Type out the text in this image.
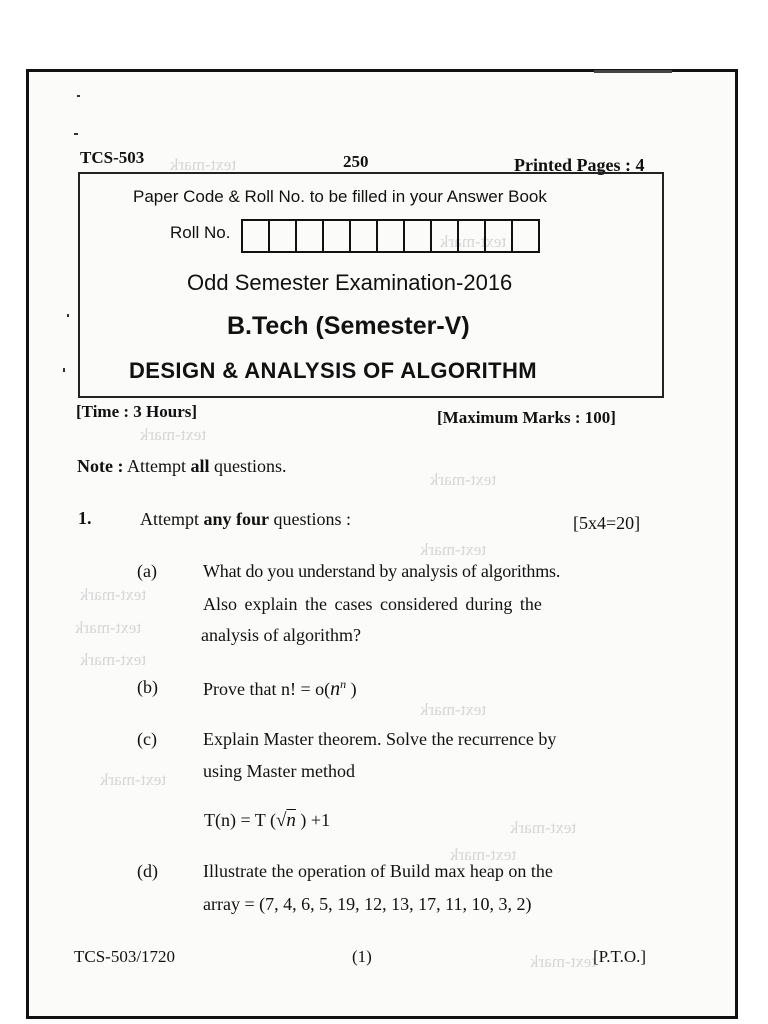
text-mark
text-mark
text-mark
text-mark
text-mark
text-mark
text-mark
text-mark
text-mark
text-mark
text-mark
text-mark
text-mark
TCS-503	250	Printed Pages : 4
Paper Code & Roll No. to be filled in your Answer Book
Roll No.
Odd Semester Examination-2016
B.Tech (Semester-V)
DESIGN & ANALYSIS OF ALGORITHM
[Time : 3 Hours]	[Maximum Marks : 100]
Note : Attempt all questions.
1.	Attempt any four questions :	[5x4=20]
(a)	What do you understand by analysis of algorithms.
Also explain the cases considered during the
analysis of algorithm?
(b)	Prove that n! = $o(n^n$ )
(c)	Explain Master theorem. Solve the recurrence by
using Master method
T(n) = T (√n ) +1
(d)	Illustrate the operation of Build max heap on the
array = (7, 4, 6, 5, 19, 12, 13, 17, 11, 10, 3, 2)
TCS-503/1720	(1)	[P.T.O.]
